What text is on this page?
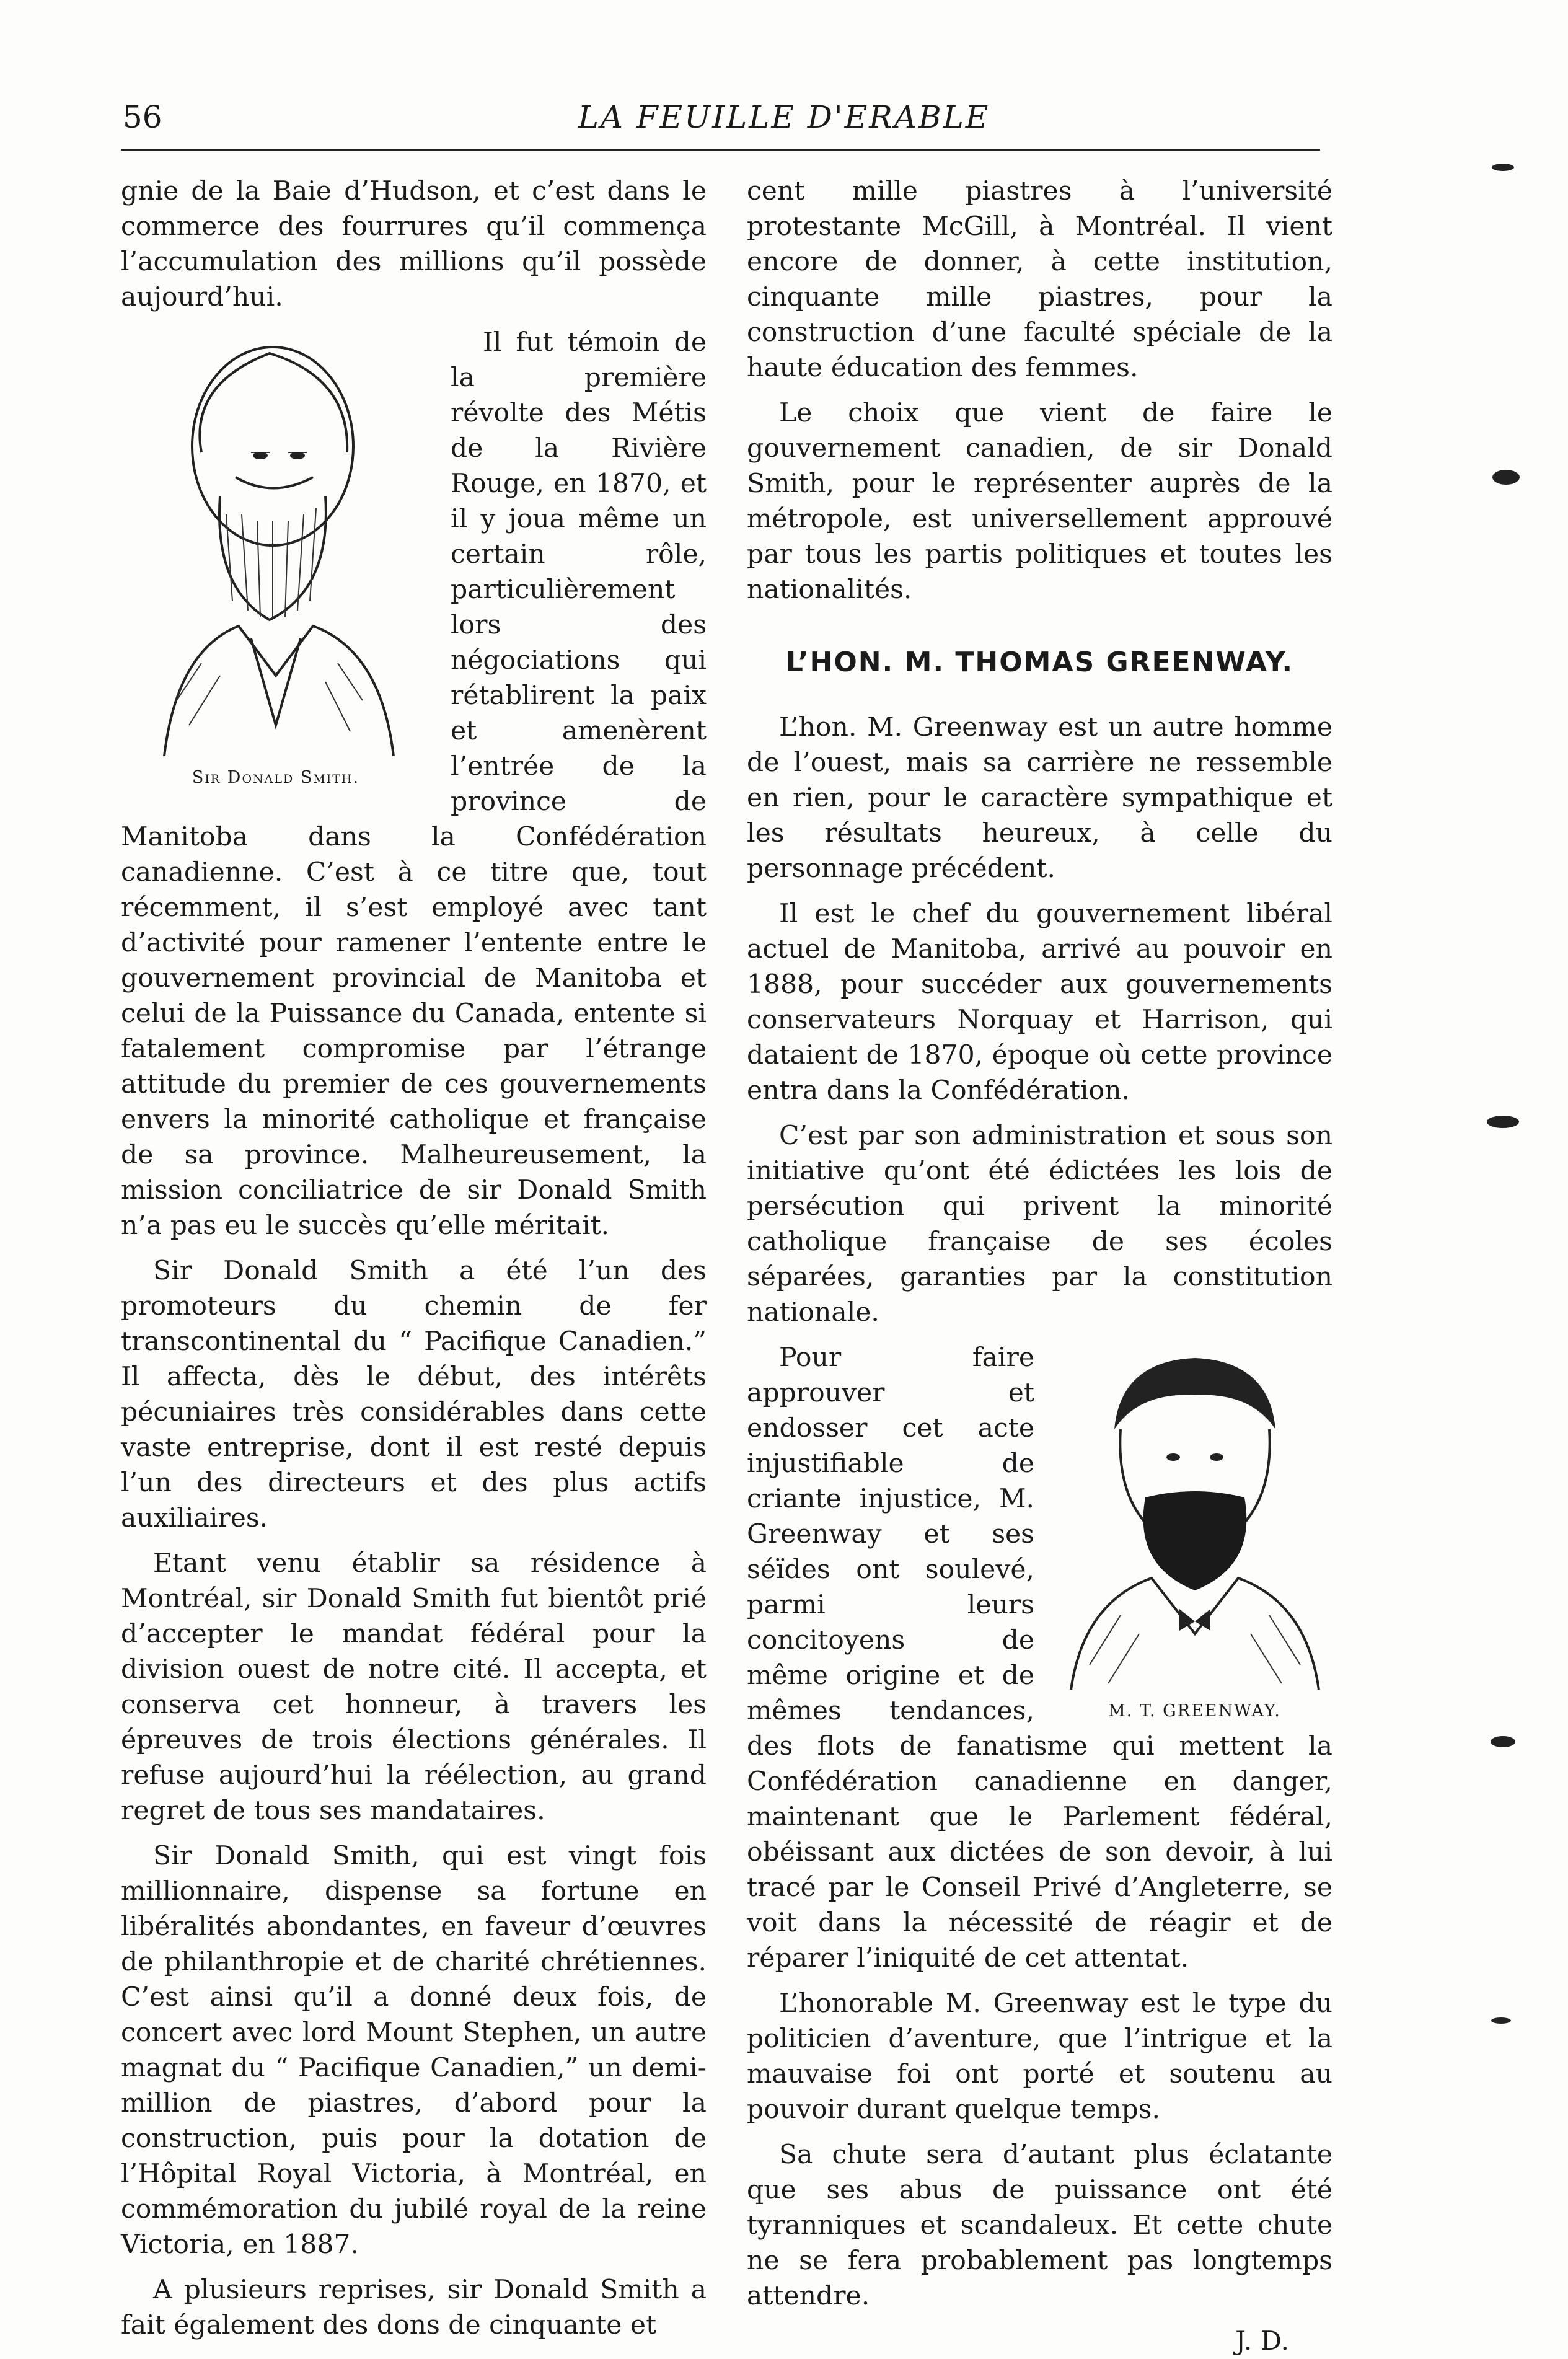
56	LA FEUILLE D'ERABLE

gnie de la Baie d’Hudson, et c’est dans le commerce des fourrures qu’il commença l’accumulation des millions qu’il possède aujourd’hui.

Sir Donald Smith.

Il fut témoin de la première révolte des Métis de la Rivière Rouge, en 1870, et il y joua même un certain rôle, particulièrement lors des négociations qui rétablirent la paix et amenèrent l’entrée de la province de Manitoba dans la Confédération canadienne. C’est à ce titre que, tout récemment, il s’est employé avec tant d’activité pour ramener l’entente entre le gouvernement provincial de Manitoba et celui de la Puissance du Canada, entente si fatalement compromise par l’étrange attitude du premier de ces gouvernements envers la minorité catholique et française de sa province. Malheureusement, la mission conciliatrice de sir Donald Smith n’a pas eu le succès qu’elle méritait.

Sir Donald Smith a été l’un des promoteurs du chemin de fer transcontinental du “ Pacifique Canadien.” Il affecta, dès le début, des intérêts pécuniaires très considérables dans cette vaste entreprise, dont il est resté depuis l’un des directeurs et des plus actifs auxiliaires.

Etant venu établir sa résidence à Montréal, sir Donald Smith fut bientôt prié d’accepter le mandat fédéral pour la division ouest de notre cité. Il accepta, et conserva cet honneur, à travers les épreuves de trois élections générales. Il refuse aujourd’hui la réélection, au grand regret de tous ses mandataires.

Sir Donald Smith, qui est vingt fois millionnaire, dispense sa fortune en libéralités abondantes, en faveur d’œuvres de philanthropie et de charité chrétiennes. C’est ainsi qu’il a donné deux fois, de concert avec lord Mount Stephen, un autre magnat du “ Pacifique Canadien,” un demi-million de piastres, d’abord pour la construction, puis pour la dotation de l’Hôpital Royal Victoria, à Montréal, en commémoration du jubilé royal de la reine Victoria, en 1887.

A plusieurs reprises, sir Donald Smith a fait également des dons de cinquante et

cent mille piastres à l’université protestante McGill, à Montréal. Il vient encore de donner, à cette institution, cinquante mille piastres, pour la construction d’une faculté spéciale de la haute éducation des femmes.

Le choix que vient de faire le gouvernement canadien, de sir Donald Smith, pour le représenter auprès de la métropole, est universellement approuvé par tous les partis politiques et toutes les nationalités.

L’HON. M. THOMAS GREENWAY.

L’hon. M. Greenway est un autre homme de l’ouest, mais sa carrière ne ressemble en rien, pour le caractère sympathique et les résultats heureux, à celle du personnage précédent.

Il est le chef du gouvernement libéral actuel de Manitoba, arrivé au pouvoir en 1888, pour succéder aux gouvernements conservateurs Norquay et Harrison, qui dataient de 1870, époque où cette province entra dans la Confédération.

C’est par son administration et sous son initiative qu’ont été édictées les lois de persécution qui privent la minorité catholique française de ses écoles séparées, garanties par la constitution nationale.

M. T. GREENWAY.

Pour faire approuver et endosser cet acte injustifiable de criante injustice, M. Greenway et ses séïdes ont soulevé, parmi leurs concitoyens de même origine et de mêmes tendances, des flots de fanatisme qui mettent la Confédération canadienne en danger, maintenant que le Parlement fédéral, obéissant aux dictées de son devoir, à lui tracé par le Conseil Privé d’Angleterre, se voit dans la nécessité de réagir et de réparer l’iniquité de cet attentat.

L’honorable M. Greenway est le type du politicien d’aventure, que l’intrigue et la mauvaise foi ont porté et soutenu au pouvoir durant quelque temps.

Sa chute sera d’autant plus éclatante que ses abus de puissance ont été tyranniques et scandaleux. Et cette chute ne se fera probablement pas longtemps attendre.

J. D.
